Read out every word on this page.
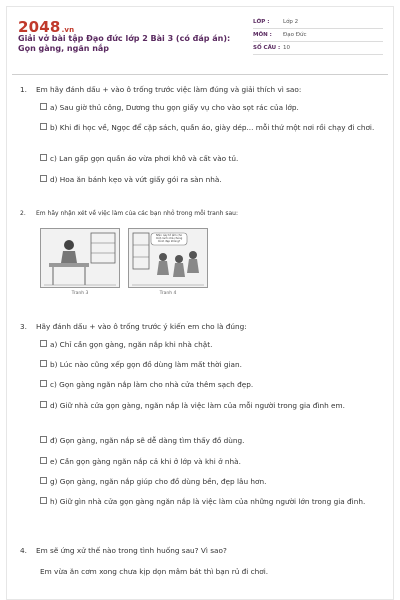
2048.vn
Giải vở bài tập Đạo đức lớp 2 Bài 3 (có đáp án): Gọn gàng, ngăn nắp
LỚP :	Lớp 2
MÔN :	Đạo Đức
SỐ CÂU : 10
1. Em hãy đánh dấu + vào ô trống trước việc làm đúng và giải thích vì sao:
a) Sau giờ thủ công, Dương thu gọn giấy vụ cho vào sọt rác của lớp.
b) Khi đi học về, Ngọc để cặp sách, quần áo, giày dép... mỗi thứ một nơi rồi chạy đi chơi.
c) Lan gấp gọn quần áo vừa phơi khô và cất vào tủ.
d) Hoa ăn bánh kẹo và vứt giấy gói ra sàn nhà.
2. Em hãy nhận xét về việc làm của các bạn nhỏ trong mỗi tranh sau:
Tranh 3
Nhìn này tớ làm cho một cách nhà chúng mình đẹp không?
Tranh 4
3. Hãy đánh dấu + vào ô trống trước ý kiến em cho là đúng:
a) Chỉ cần gọn gàng, ngăn nắp khi nhà chật.
b) Lúc nào cũng xếp gọn đồ dùng làm mất thời gian.
c) Gọn gàng ngăn nắp làm cho nhà cửa thêm sạch đẹp.
d) Giữ nhà cửa gọn gàng, ngăn nắp là việc làm của mỗi người trong gia đình em.
đ) Gọn gàng, ngăn nắp sẽ dễ dàng tìm thấy đồ dùng.
e) Cần gọn gàng ngăn nắp cả khi ở lớp và khi ở nhà.
g) Gọn gàng, ngăn nắp giúp cho đồ dùng bền, đẹp lâu hơn.
h) Giữ gìn nhà cửa gọn gàng ngăn nắp là việc làm của những người lớn trong gia đình.
4. Em sẽ ứng xử thế nào trong tình huống sau? Vì sao?
Em vừa ăn cơm xong chưa kịp dọn mâm bát thì bạn rủ đi chơi.
